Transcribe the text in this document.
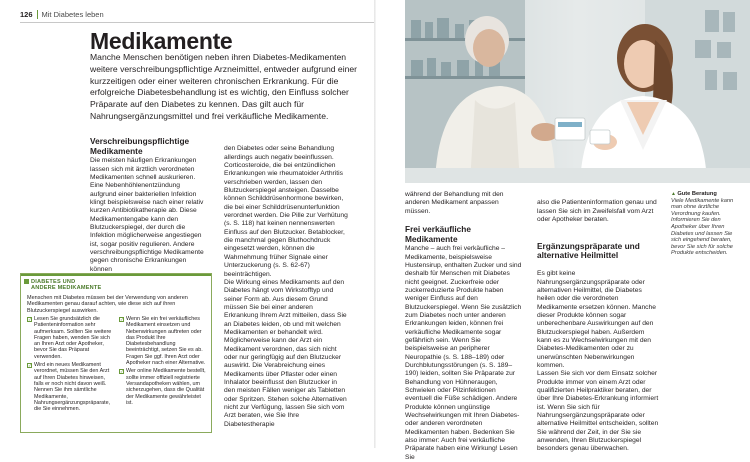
126 Mit Diabetes leben
Medikamente

Manche Menschen benötigen neben ihren Diabetes-Medikamenten weitere verschreibungspflichtige Arzneimittel, entweder aufgrund einer kurzzeitigen oder einer weiteren chronischen Erkrankung. Für die erfolgreiche Diabetesbehandlung ist es wichtig, den Einfluss solcher Präparate auf den Diabetes zu kennen. Das gilt auch für Nahrungsergänzungsmittel und frei verkäufliche Medikamente.

Verschreibungspflichtige Medikamente

Die meisten häufigen Erkrankungen lassen sich mit ärztlich verordneten Medikamenten schnell auskurieren. Eine Nebenhöhlenentzündung aufgrund einer bakteriellen Infektion klingt beispielsweise nach einer relativ kurzen Antibiotikatherapie ab. Diese Medikamentengabe kann den Blutzuckerspiegel, der durch die Infektion möglicherweise angestiegen ist, sogar positiv regulieren. Andere verschreibungspflichtige Medikamente gegen chronische Erkrankungen können

den Diabetes oder seine Behandlung allerdings auch negativ beeinflussen. Corticosteroide, die bei entzündlichen Erkrankungen wie rheumatoider Arthritis verschrieben werden, lassen den Blutzuckerspiegel ansteigen. Dasselbe können Schilddrüsenhormone bewirken, die bei einer Schilddrüsenunterfunktion verordnet werden. Die Pille zur Verhütung (s. S. 118) hat keinen nennenswerten Einfluss auf den Blutzucker. Betablocker, die manchmal gegen Bluthochdruck eingesetzt werden, können die Wahrnehmung früher Signale einer Unterzuckerung (s. S. 62-67) beeinträchtigen.
Die Wirkung eines Medikaments auf den Diabetes hängt vom Wirkstofftyp und seiner Form ab. Aus diesem Grund müssen Sie bei einer anderen Erkrankung Ihrem Arzt mitteilen, dass Sie an Diabetes leiden, ob und mit welchen Medikamenten er behandelt wird. Möglicherweise kann der Arzt ein Medikament verordnen, das sich nicht oder nur geringfügig auf den Blutzucker auswirkt. Die Verabreichung eines Medikaments über Pflaster oder einen Inhalator beeinflusst den Blutzucker in den meisten Fällen weniger als Tabletten oder Spritzen. Stehen solche Alternativen nicht zur Verfügung, lassen Sie sich vom Arzt beraten, wie Sie Ihre Diabetestherapie

DIABETES UND
ANDERE MEDIKAMENTE

Menschen mit Diabetes müssen bei der Verwendung von anderen Medikamenten genau darauf achten, wie diese sich auf ihren Blutzuckerspiegel auswirken.

✓ Lesen Sie grundsätzlich die Patienteninformation sehr aufmerksam. Sollten Sie weitere Fragen haben, wenden Sie sich an Ihren Arzt oder Apotheker, bevor Sie das Präparat verwenden.
✓ Wird ein neues Medikament verordnet, müssen Sie den Arzt auf Ihren Diabetes hinweisen, falls er noch nicht davon weiß. Nennen Sie ihm sämtliche Medikamente, Nahrungsergänzungspräparate, die Sie einnehmen.
✓ Wenn Sie ein frei verkäufliches Medikament einsetzen und Nebenwirkungen auftreten oder das Produkt Ihre Diabetesbehandlung beeinträchtigt, setzen Sie es ab. Fragen Sie ggf. Ihren Arzt oder Apotheker nach einer Alternative.
✓ Wer online Medikamente bestellt, sollte immer offiziell registrierte Versandapotheken wählen, um sicherzugehen, dass die Qualität der Medikamente gewährleistet ist.

während der Behandlung mit den anderen Medikament anpassen müssen.

Frei verkäufliche Medikamente

Manche – auch frei verkäufliche – Medikamente, beispielsweise Hustensirup, enthalten Zucker und sind deshalb für Menschen mit Diabetes nicht geeignet. Zuckerfreie oder zuckerreduzierte Produkte haben weniger Einfluss auf den Blutzuckerspiegel. Wenn Sie zusätzlich zum Diabetes noch unter anderen Erkrankungen leiden, können frei verkäufliche Medikamente sogar gefährlich sein. Wenn Sie beispielsweise an peripherer Neuropathie (s. S. 188–189) oder Durchblutungsstörungen (s. S. 189–190) leiden, sollten Sie Präparate zur Behandlung von Hühneraugen, Schwielen oder Pilzinfektionen eventuell die Füße schädigen. Andere Produkte können ungünstige Wechselwirkungen mit Ihren Diabetes-oder anderen verordneten Medikamenten haben. Bedenken Sie also immer: Auch frei verkäufliche Präparate haben eine Wirkung! Lesen Sie

also die Patienteninformation genau und lassen Sie sich im Zweifelsfall vom Arzt oder Apotheker beraten.

Ergänzungspräparate und alternative Heilmittel

Es gibt keine Nahrungsergänzungspräparate oder alternativen Heilmittel, die Diabetes heilen oder die verordneten Medikamente ersetzen können. Manche dieser Produkte können sogar unberechenbare Auswirkungen auf den Blutzuckerspiegel haben. Außerdem kann es zu Wechselwirkungen mit den Diabetes-Medikamenten oder zu unerwünschten Nebenwirkungen kommen.
Lassen Sie sich vor dem Einsatz solcher Produkte immer von einem Arzt oder qualifizierten Heilpraktiker beraten, der über Ihre Diabetes-Erkrankung informiert ist. Wenn Sie sich für Nahrungsergänzungspräparate oder alternative Heilmittel entscheiden, sollten Sie während der Zeit, in der Sie sie anwenden, Ihren Blutzuckerspiegel besonders genau überwachen.

▲ Gute Beratung
Viele Medikamente kann man ohne ärztliche Verordnung kaufen. Informieren Sie den Apotheker über Ihren Diabetes und lassen Sie sich eingehend beraten, bevor Sie sich für solche Produkte entscheiden.
